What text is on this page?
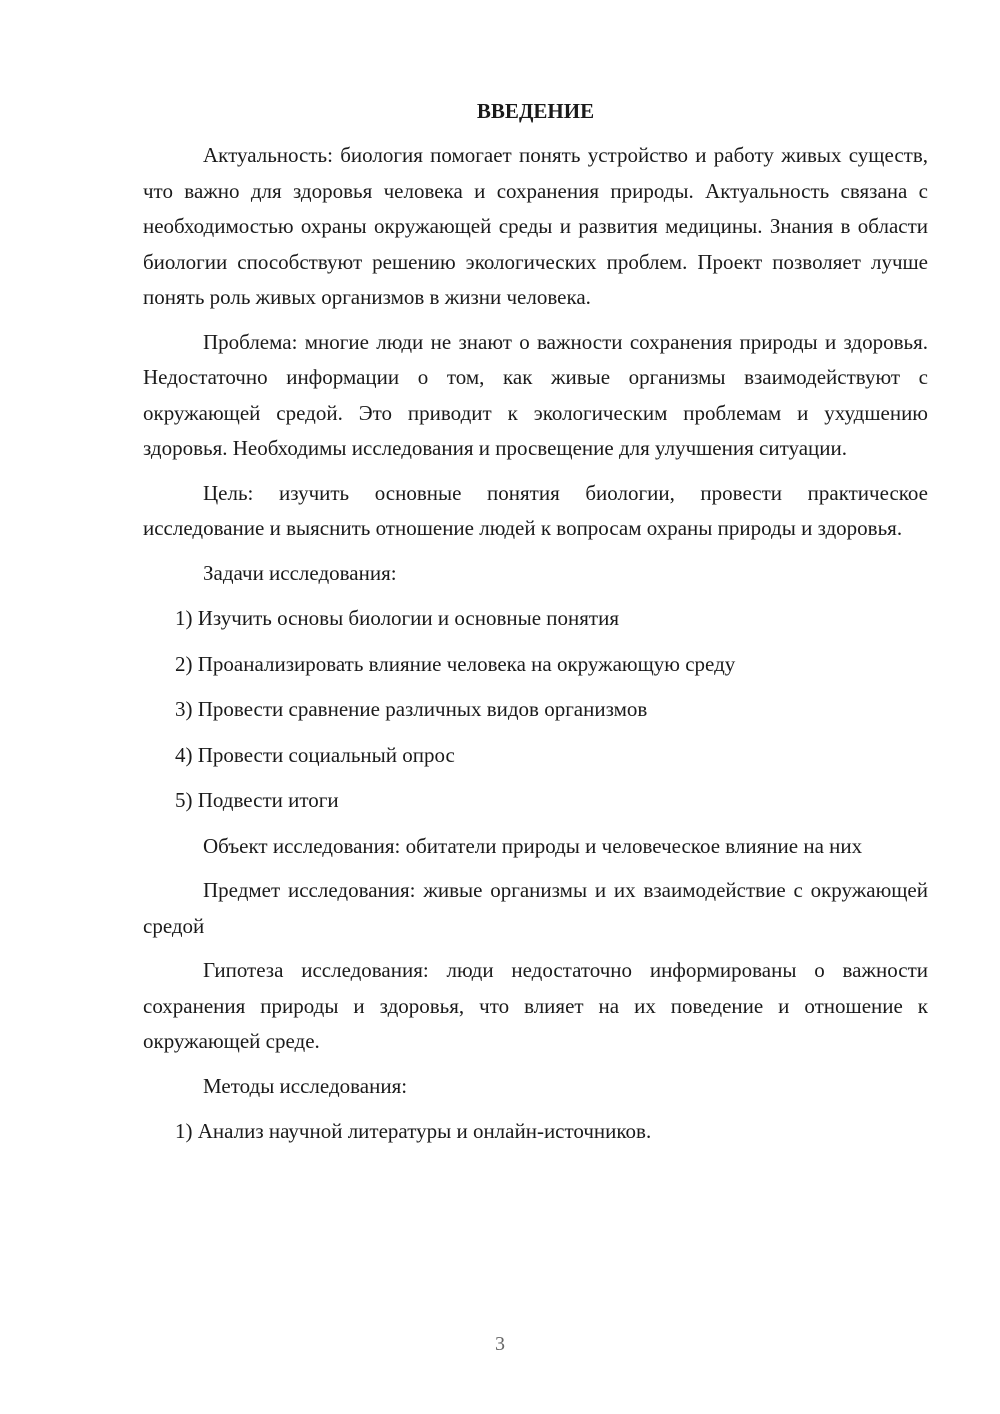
ВВЕДЕНИЕ

Актуальность: биология помогает понять устройство и работу живых существ, что важно для здоровья человека и сохранения природы. Актуальность связана с необходимостью охраны окружающей среды и развития медицины. Знания в области биологии способствуют решению экологических проблем. Проект позволяет лучше понять роль живых организмов в жизни человека.

Проблема: многие люди не знают о важности сохранения природы и здоровья. Недостаточно информации о том, как живые организмы взаимодействуют с окружающей средой. Это приводит к экологическим проблемам и ухудшению здоровья. Необходимы исследования и просвещение для улучшения ситуации.

Цель: изучить основные понятия биологии, провести практическое исследование и выяснить отношение людей к вопросам охраны природы и здоровья.

Задачи исследования:

1) Изучить основы биологии и основные понятия
2) Проанализировать влияние человека на окружающую среду
3) Провести сравнение различных видов организмов
4) Провести социальный опрос
5) Подвести итоги

Объект исследования: обитатели природы и человеческое влияние на них

Предмет исследования: живые организмы и их взаимодействие с окружающей средой

Гипотеза исследования: люди недостаточно информированы о важности сохранения природы и здоровья, что влияет на их поведение и отношение к окружающей среде.

Методы исследования:

1) Анализ научной литературы и онлайн-источников.
3
